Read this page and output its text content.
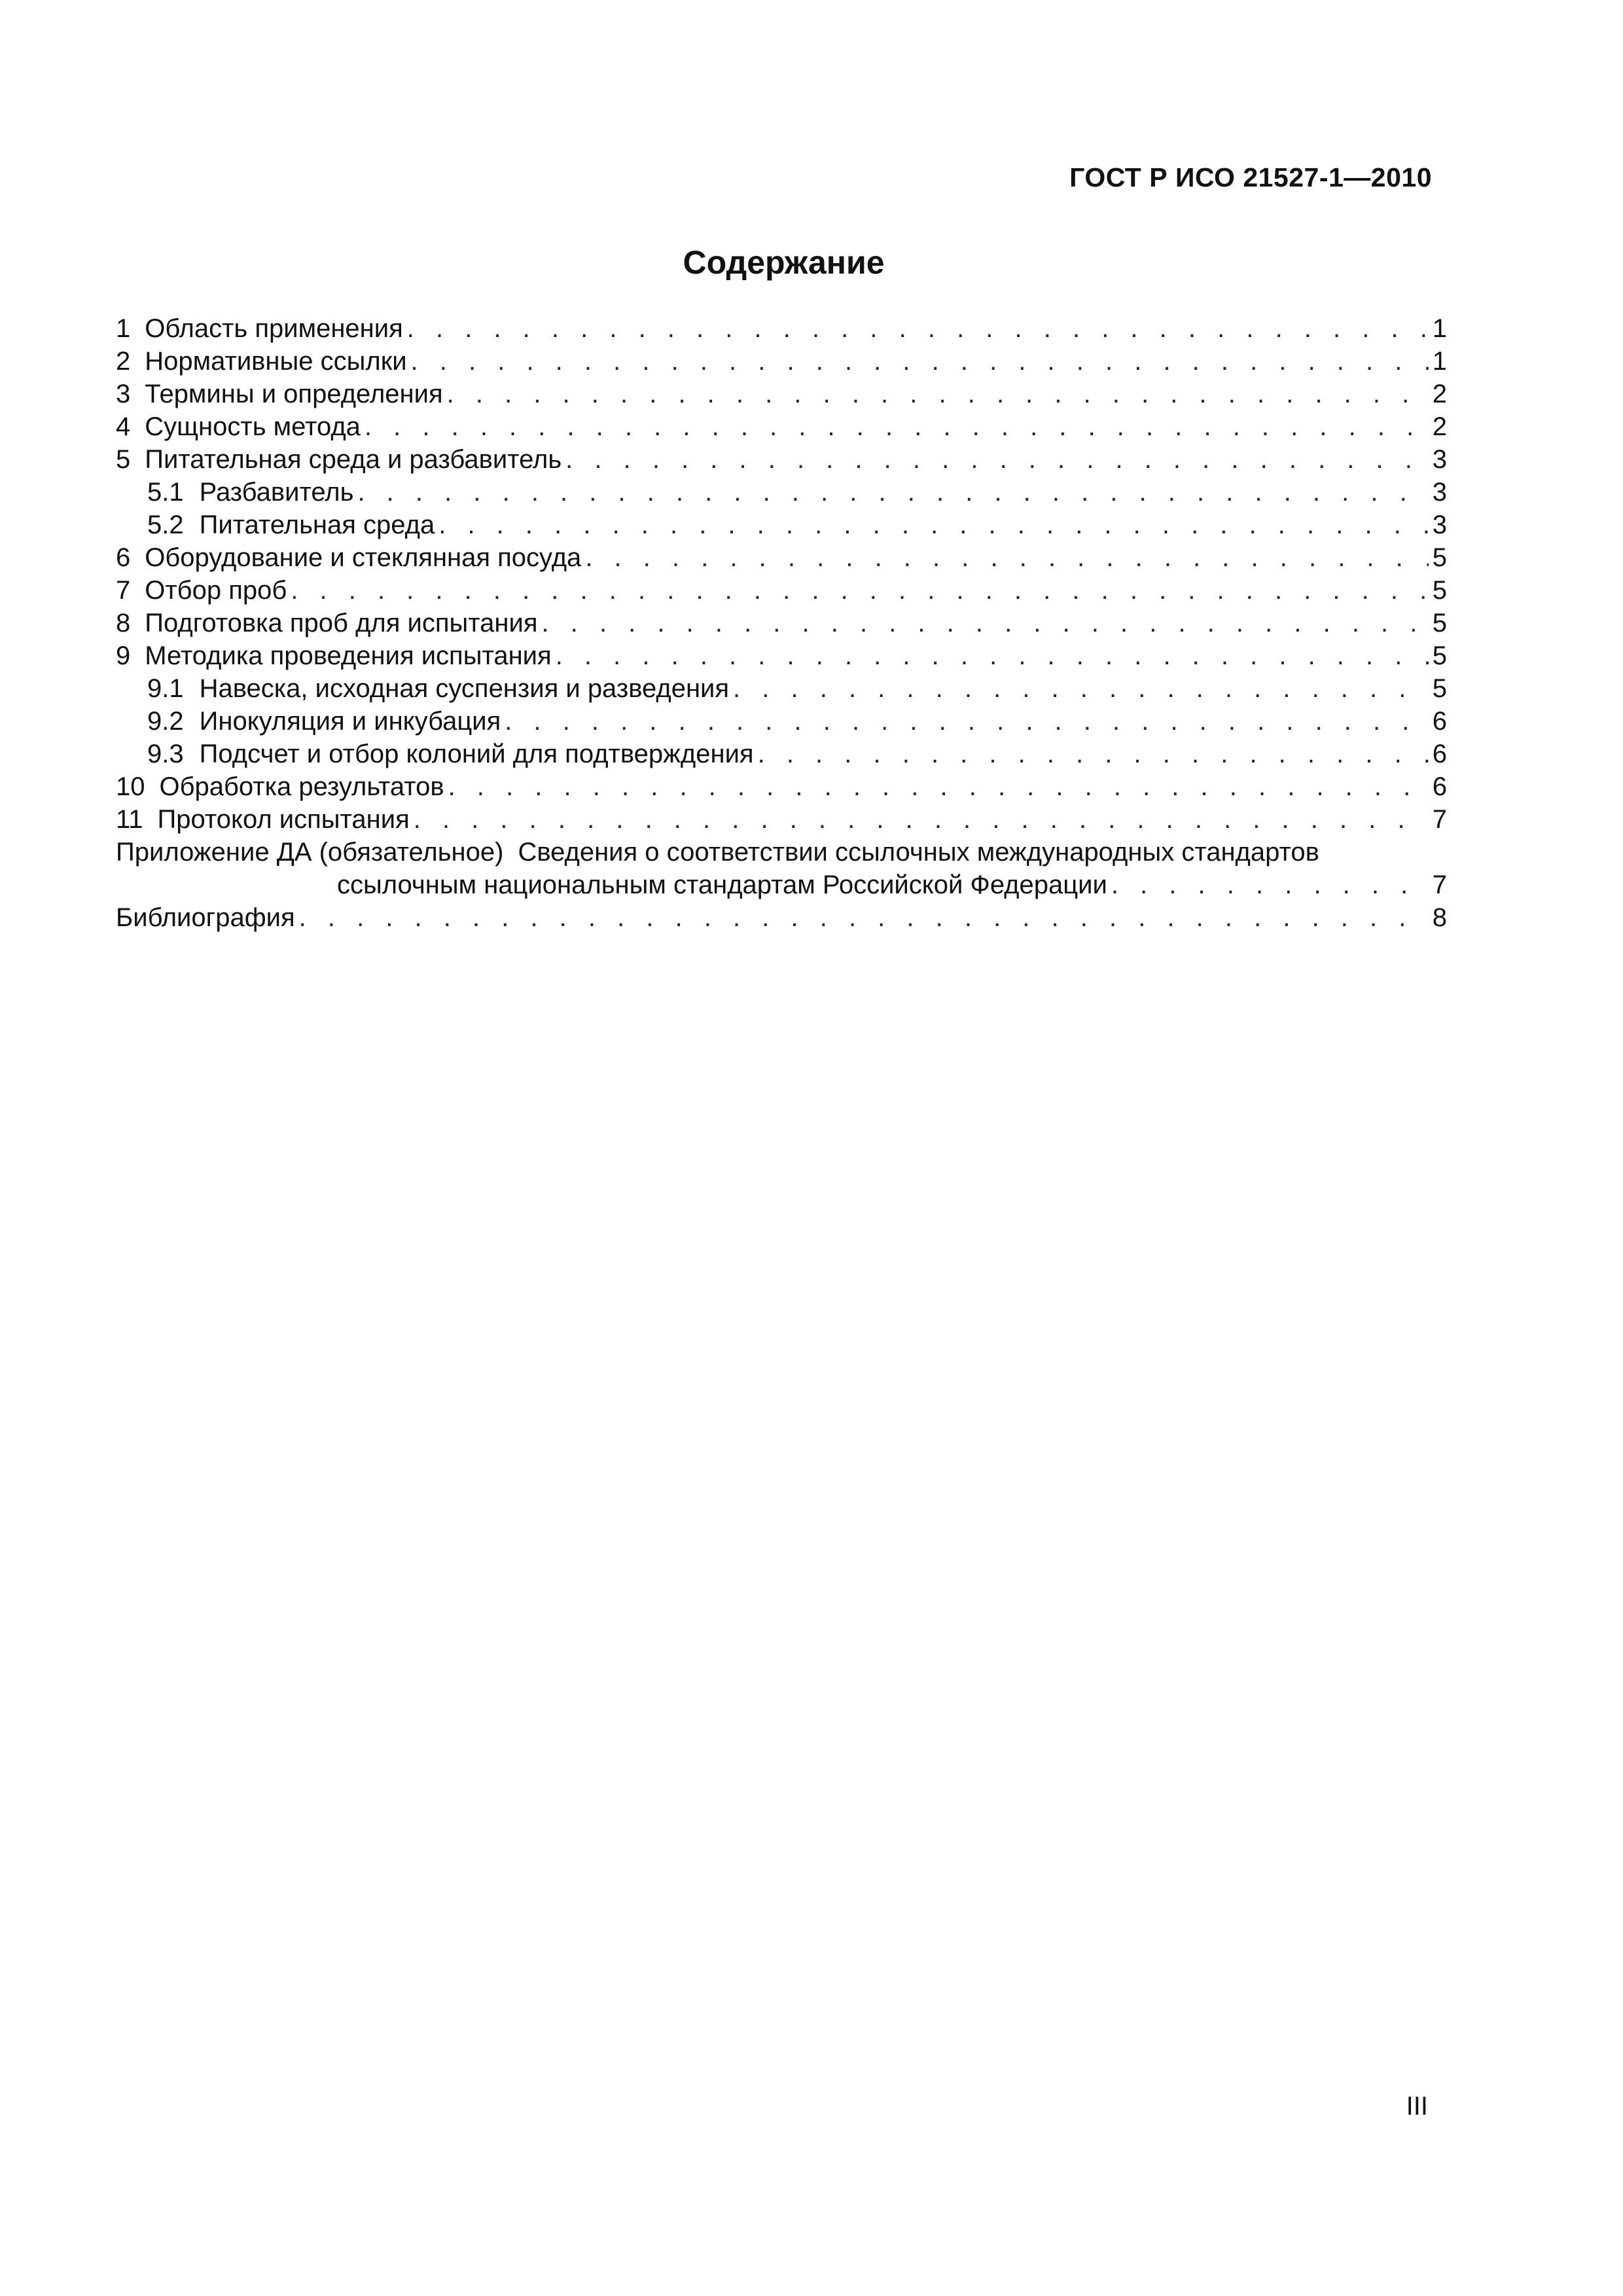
ГОСТ Р ИСО 21527-1—2010
Содержание
1 Область применения . . .	1
2 Нормативные ссылки . . .	1
3 Термины и определения . . .	2
4 Сущность метода . . .	2
5 Питательная среда и разбавитель . . .	3
5.1 Разбавитель . . .	3
5.2 Питательная среда . . .	3
6 Оборудование и стеклянная посуда . . .	5
7 Отбор проб . . .	5
8 Подготовка проб для испытания . . .	5
9 Методика проведения испытания . . .	5
9.1 Навеска, исходная суспензия и разведения . . .	5
9.2 Инокуляция и инкубация . . .	6
9.3 Подсчет и отбор колоний для подтверждения . . .	6
10 Обработка результатов . . .	6
11 Протокол испытания . . .	7
Приложение ДА (обязательное) Сведения о соответствии ссылочных международных стандартов
ссылочным национальным стандартам Российской Федерации . . .	7
Библиография . . .	8
III
